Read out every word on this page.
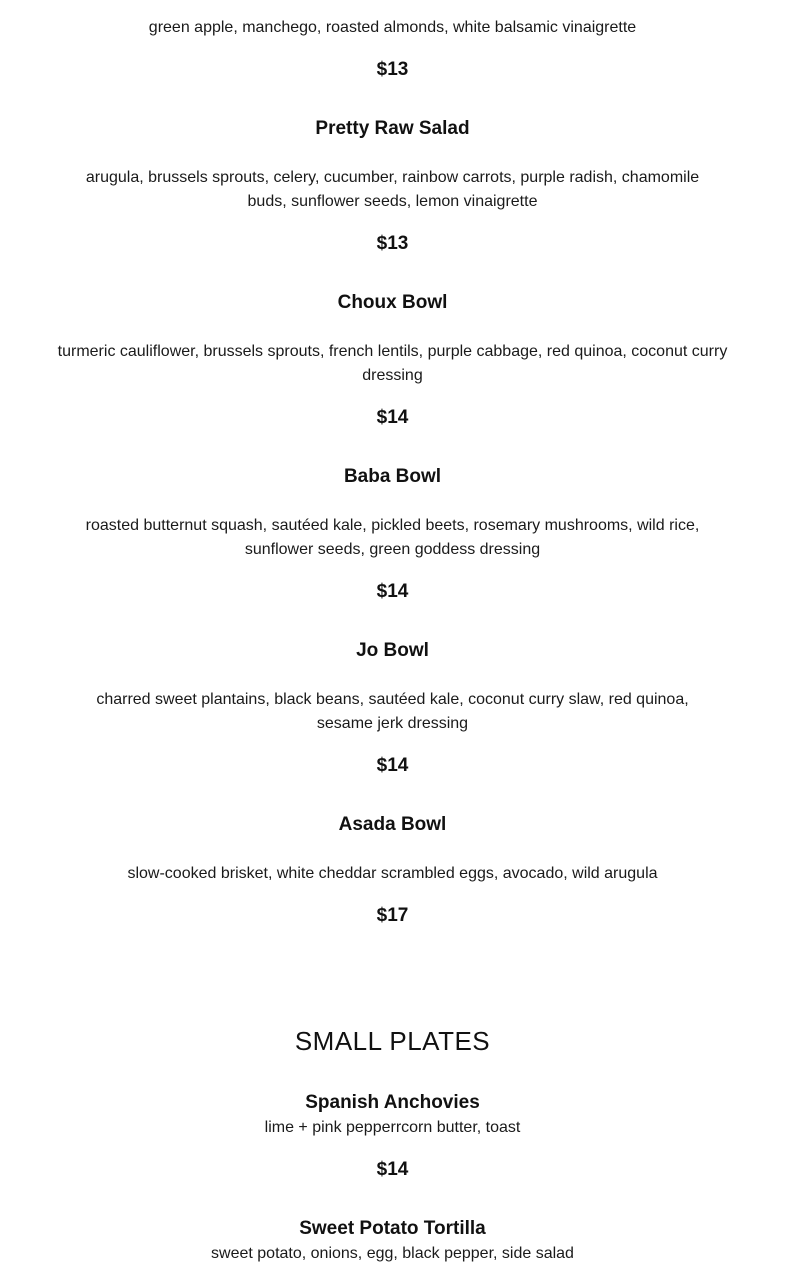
green apple, manchego, roasted almonds, white balsamic vinaigrette

$13

Pretty Raw Salad

arugula, brussels sprouts, celery, cucumber, rainbow carrots, purple radish, chamomile buds, sunflower seeds, lemon vinaigrette

$13

Choux Bowl

turmeric cauliflower, brussels sprouts, french lentils, purple cabbage, red quinoa, coconut curry dressing

$14

Baba Bowl

roasted butternut squash, sautéed kale, pickled beets, rosemary mushrooms, wild rice, sunflower seeds, green goddess dressing

$14

Jo Bowl

charred sweet plantains, black beans, sautéed kale, coconut curry slaw, red quinoa, sesame jerk dressing

$14

Asada Bowl

slow-cooked brisket, white cheddar scrambled eggs, avocado, wild arugula

$17

SMALL PLATES

Spanish Anchovies

lime + pink pepperrcorn butter, toast

$14

Sweet Potato Tortilla

sweet potato, onions, egg, black pepper, side salad
